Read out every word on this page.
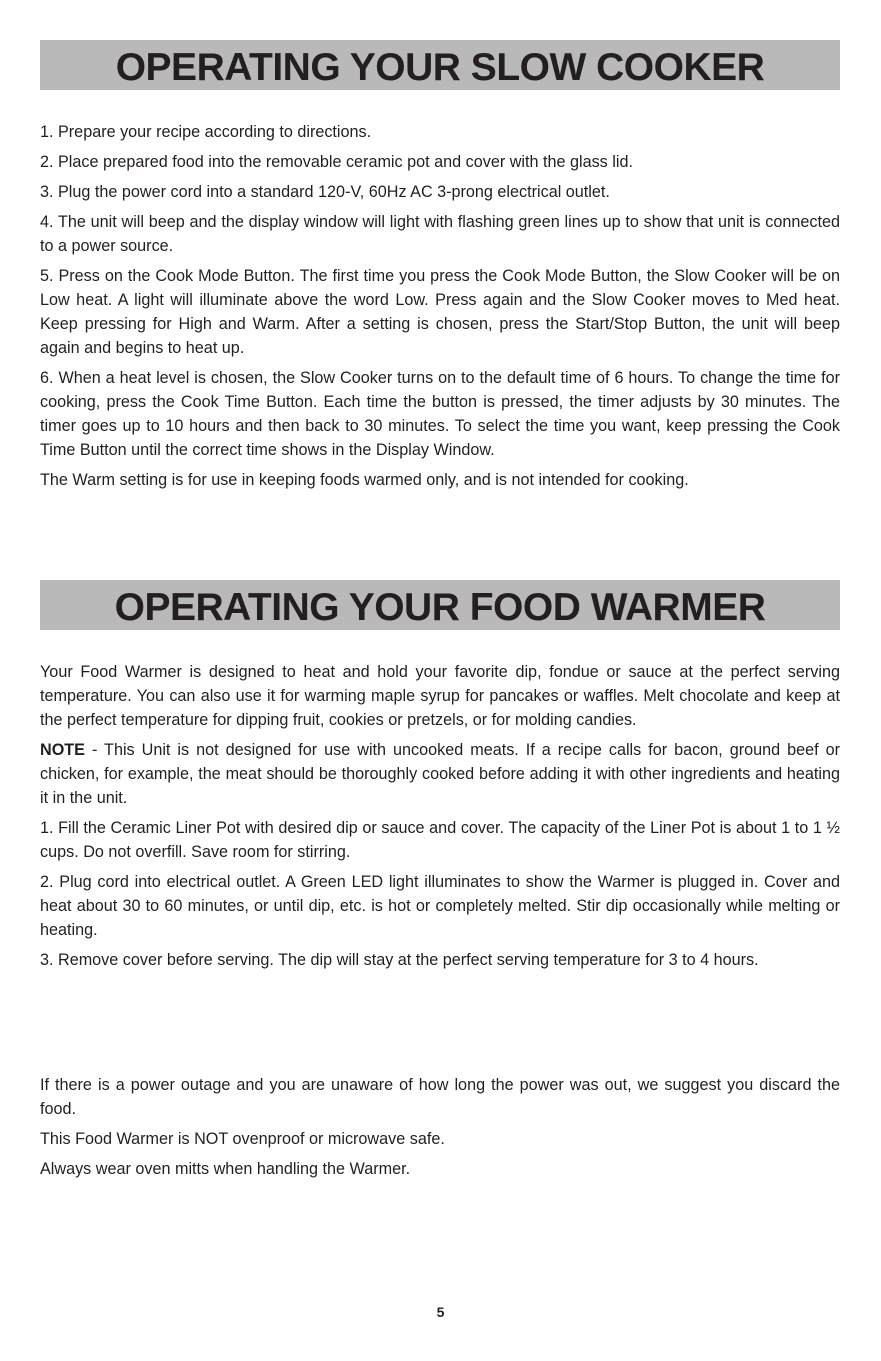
OPERATING YOUR SLOW COOKER

1. Prepare your recipe according to directions.

2. Place prepared food into the removable ceramic pot and cover with the glass lid.

3. Plug the power cord into a standard 120-V, 60Hz AC 3-prong electrical outlet.

4. The unit will beep and the display window will light with flashing green lines up to show that unit is connected to a power source.

5. Press on the Cook Mode Button. The first time you press the Cook Mode Button, the Slow Cooker will be on Low heat. A light will illuminate above the word Low. Press again and the Slow Cooker moves to Med heat. Keep pressing for High and Warm. After a setting is chosen, press the Start/Stop Button, the unit will beep again and begins to heat up.

6. When a heat level is chosen, the Slow Cooker turns on to the default time of 6 hours. To change the time for cooking, press the Cook Time Button. Each time the button is pressed, the timer adjusts by 30 minutes. The timer goes up to 10 hours and then back to 30 minutes. To select the time you want, keep pressing the Cook Time Button until the correct time shows in the Display Window.

The Warm setting is for use in keeping foods warmed only, and is not intended for cooking.

OPERATING YOUR FOOD WARMER

Your Food Warmer is designed to heat and hold your favorite dip, fondue or sauce at the perfect serving temperature. You can also use it for warming maple syrup for pancakes or waffles. Melt chocolate and keep at the perfect temperature for dipping fruit, cookies or pretzels, or for molding candies.

NOTE - This Unit is not designed for use with uncooked meats. If a recipe calls for bacon, ground beef or chicken, for example, the meat should be thoroughly cooked before adding it with other ingredients and heating it in the unit.

1. Fill the Ceramic Liner Pot with desired dip or sauce and cover. The capacity of the Liner Pot is about 1 to 1 ½ cups. Do not overfill. Save room for stirring.

2. Plug cord into electrical outlet. A Green LED light illuminates to show the Warmer is plugged in. Cover and heat about 30 to 60 minutes, or until dip, etc. is hot or completely melted. Stir dip occasionally while melting or heating.

3. Remove cover before serving. The dip will stay at the perfect serving temperature for 3 to 4 hours.

If there is a power outage and you are unaware of how long the power was out, we suggest you discard the food.

This Food Warmer is NOT ovenproof or microwave safe.

Always wear oven mitts when handling the Warmer.

5
